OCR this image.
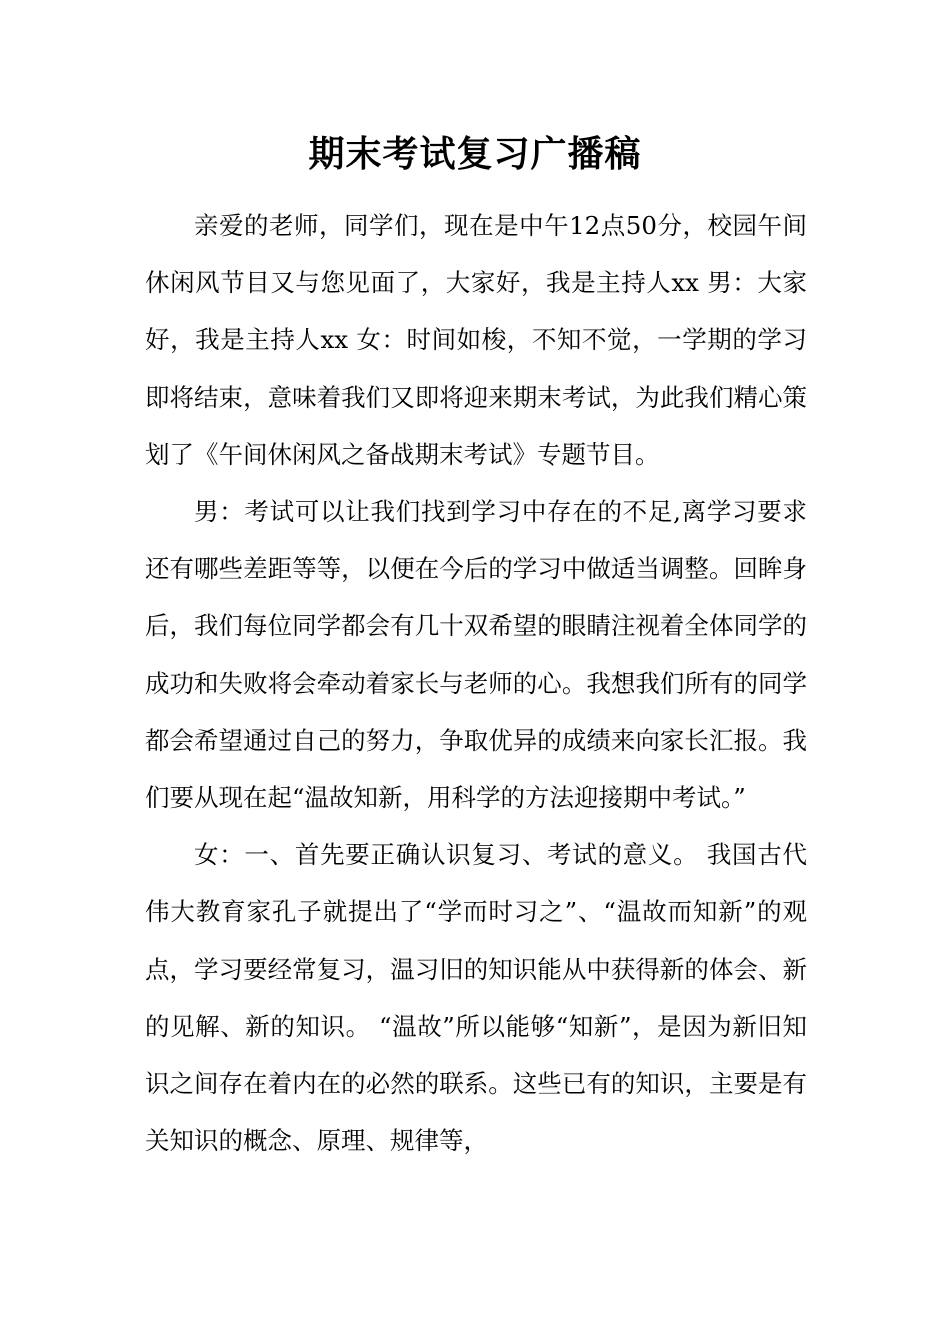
期末考试复习广播稿

亲爱的老师，同学们，现在是中午12点50分，校园午间休闲风节目又与您见面了，大家好，我是主持人xx 男：大家好，我是主持人xx 女：时间如梭，不知不觉，一学期的学习即将结束，意味着我们又即将迎来期末考试，为此我们精心策划了《午间休闲风之备战期末考试》专题节目。

男：考试可以让我们找到学习中存在的不足,离学习要求还有哪些差距等等，以便在今后的学习中做适当调整。回眸身后，我们每位同学都会有几十双希望的眼睛注视着全体同学的成功和失败将会牵动着家长与老师的心。我想我们所有的同学都会希望通过自己的努力，争取优异的成绩来向家长汇报。我们要从现在起“温故知新，用科学的方法迎接期中考试。”

女：一、首先要正确认识复习、考试的意义。 我国古代伟大教育家孔子就提出了“学而时习之”、“温故而知新”的观点，学习要经常复习，温习旧的知识能从中获得新的体会、新的见解、新的知识。 “温故”所以能够“知新”，是因为新旧知识之间存在着内在的必然的联系。这些已有的知识，主要是有关知识的概念、原理、规律等，
